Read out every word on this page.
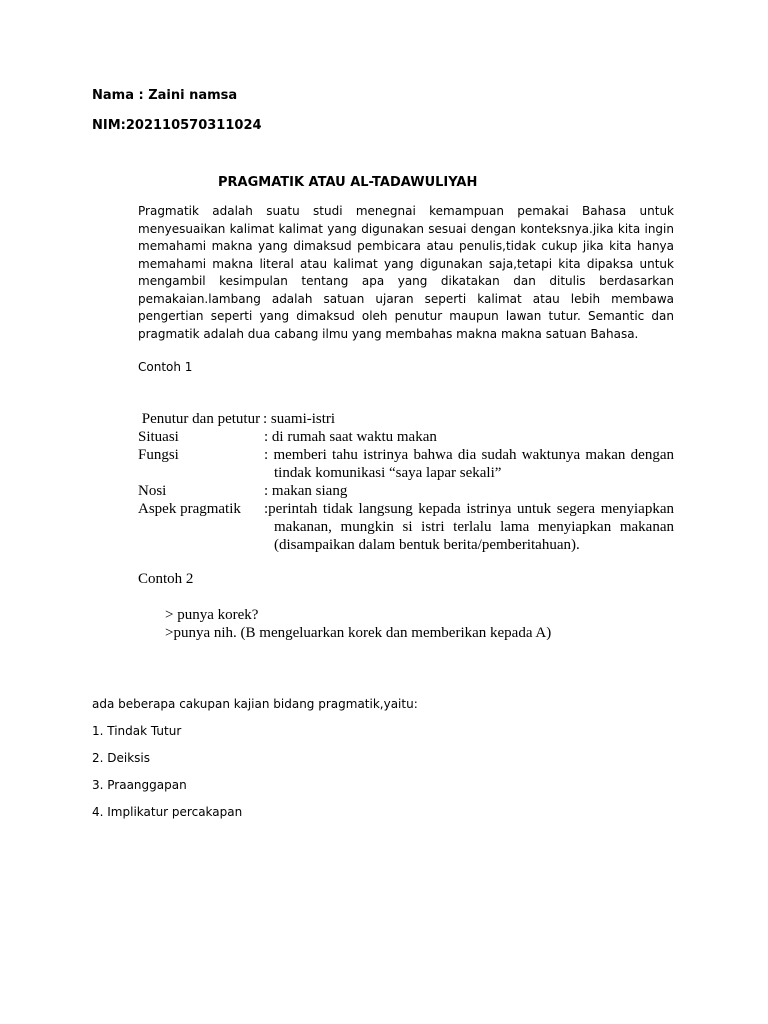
Nama : Zaini namsa
NIM:202110570311024
PRAGMATIK ATAU AL-TADAWULIYAH
Pragmatik adalah suatu studi menegnai kemampuan pemakai Bahasa untuk menyesuaikan kalimat kalimat yang digunakan sesuai dengan konteksnya.jika kita ingin memahami makna yang dimaksud pembicara atau penulis,tidak cukup jika kita hanya memahami makna literal atau kalimat yang digunakan saja,tetapi kita dipaksa untuk mengambil kesimpulan tentang apa yang dikatakan dan ditulis berdasarkan pemakaian.lambang adalah satuan ujaran seperti kalimat atau lebih membawa pengertian seperti yang dimaksud oleh penutur maupun lawan tutur. Semantic dan pragmatik adalah dua cabang ilmu yang membahas makna makna satuan Bahasa.
Contoh 1
Penutur dan petutur : suami-istri
Situasi	: di rumah saat waktu makan
Fungsi	: memberi tahu istrinya bahwa dia sudah waktunya makan dengan tindak komunikasi “saya lapar sekali”
Nosi	: makan siang
Aspek pragmatik	:perintah tidak langsung kepada istrinya untuk segera menyiapkan makanan, mungkin si istri terlalu lama menyiapkan makanan (disampaikan dalam bentuk berita/pemberitahuan).
Contoh 2
> punya korek?
>punya nih. (B mengeluarkan korek dan memberikan kepada A)
ada beberapa cakupan kajian bidang pragmatik,yaitu:
1. Tindak Tutur
2. Deiksis
3. Praanggapan
4. Implikatur percakapan
